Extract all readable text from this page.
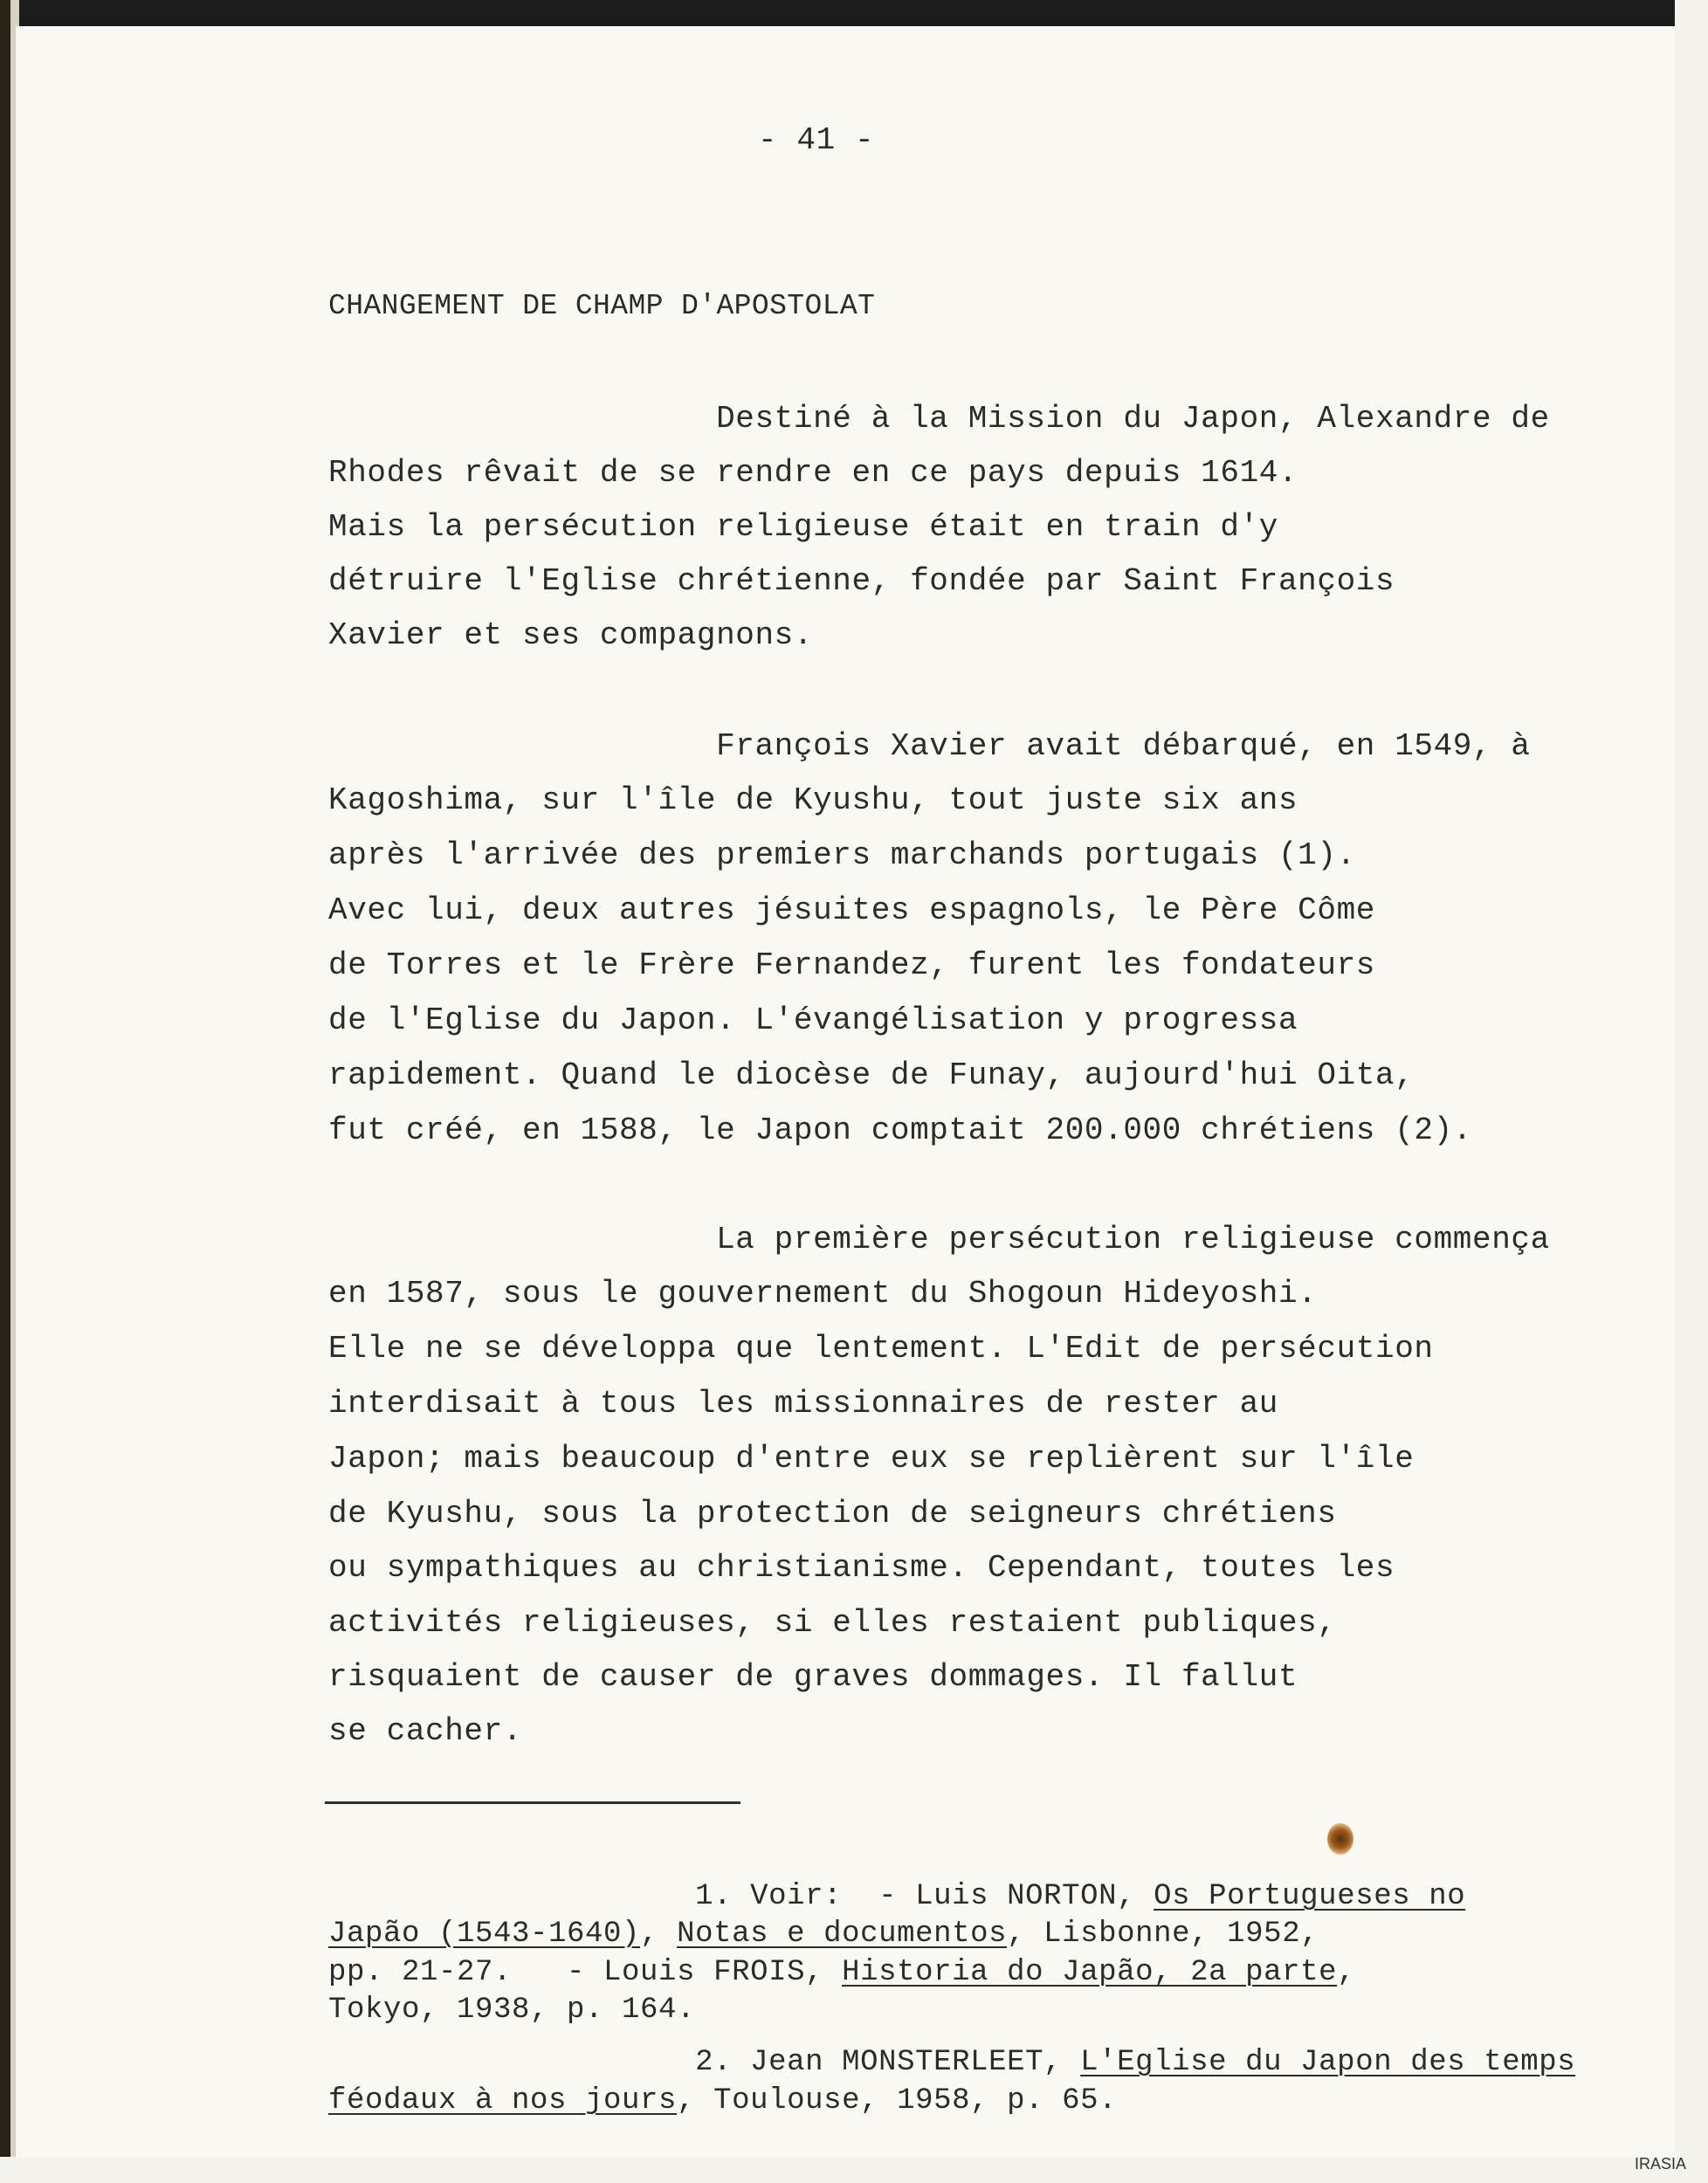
- 41 -
CHANGEMENT DE CHAMP D'APOSTOLAT
Destiné à la Mission du Japon, Alexandre de
Rhodes rêvait de se rendre en ce pays depuis 1614.
Mais la persécution religieuse était en train d'y
détruire l'Eglise chrétienne, fondée par Saint François
Xavier et ses compagnons.
François Xavier avait débarqué, en 1549, à
Kagoshima, sur l'île de Kyushu, tout juste six ans
après l'arrivée des premiers marchands portugais (1).
Avec lui, deux autres jésuites espagnols, le Père Côme
de Torres et le Frère Fernandez, furent les fondateurs
de l'Eglise du Japon. L'évangélisation y progressa
rapidement. Quand le diocèse de Funay, aujourd'hui Oita,
fut créé, en 1588, le Japon comptait 200.000 chrétiens (2).
La première persécution religieuse commença
en 1587, sous le gouvernement du Shogoun Hideyoshi.
Elle ne se développa que lentement. L'Edit de persécution
interdisait à tous les missionnaires de rester au
Japon; mais beaucoup d'entre eux se replièrent sur l'île
de Kyushu, sous la protection de seigneurs chrétiens
ou sympathiques au christianisme. Cependant, toutes les
activités religieuses, si elles restaient publiques,
risquaient de causer de graves dommages. Il fallut
se cacher.
1. Voir:  - Luis NORTON, Os Portugueses no
Japão (1543-1640), Notas e documentos, Lisbonne, 1952,
pp. 21-27.   - Louis FROIS, Historia do Japão, 2a parte,
Tokyo, 1938, p. 164.
2. Jean MONSTERLEET, L'Eglise du Japon des temps
féodaux à nos jours, Toulouse, 1958, p. 65.
IRASIA
